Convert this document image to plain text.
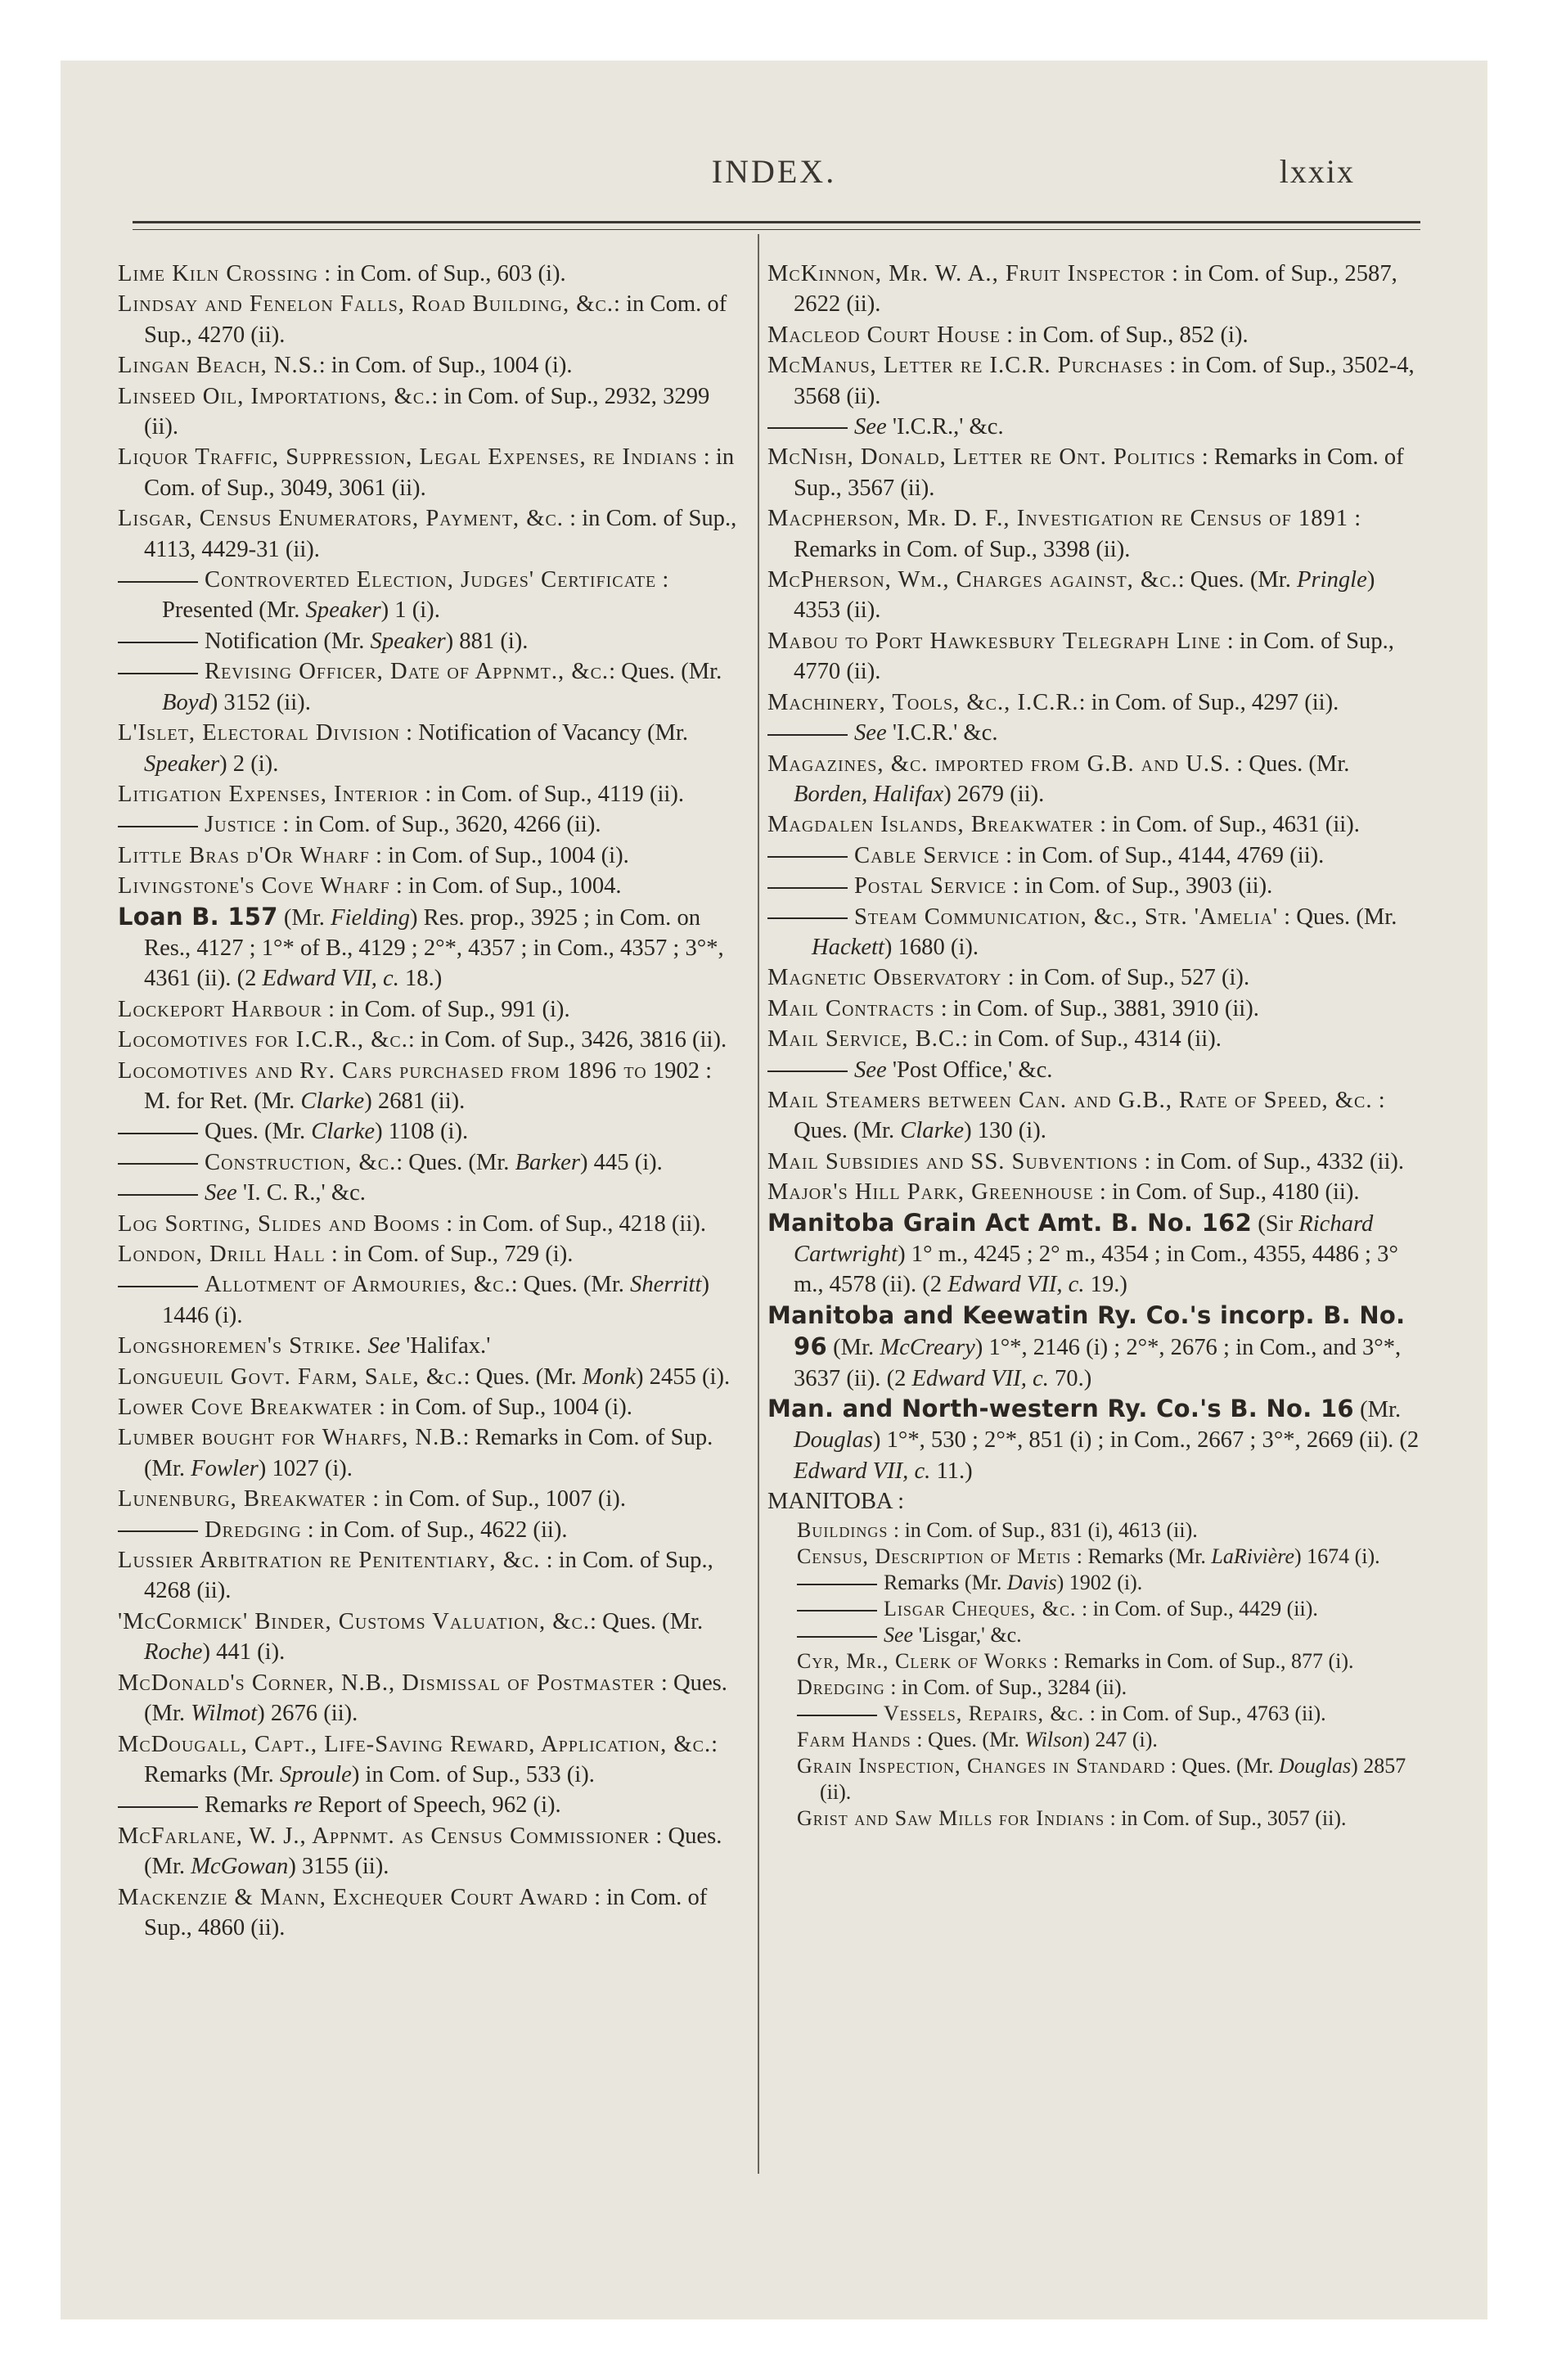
INDEX.	lxxix

Lime Kiln Crossing : in Com. of Sup., 603 (i).

Lindsay and Fenelon Falls, Road Building, &c.: in Com. of Sup., 4270 (ii).

Lingan Beach, N.S.: in Com. of Sup., 1004 (i).

Linseed Oil, Importations, &c.: in Com. of Sup., 2932, 3299 (ii).

Liquor Traffic, Suppression, Legal Expenses, re Indians : in Com. of Sup., 3049, 3061 (ii).

Lisgar, Census Enumerators, Payment, &c. : in Com. of Sup., 4113, 4429-31 (ii).

Controverted Election, Judges' Certificate : Presented (Mr. Speaker) 1 (i).

Notification (Mr. Speaker) 881 (i).

Revising Officer, Date of Appnmt., &c.: Ques. (Mr. Boyd) 3152 (ii).

L'Islet, Electoral Division : Notification of Vacancy (Mr. Speaker) 2 (i).

Litigation Expenses, Interior : in Com. of Sup., 4119 (ii).

Justice : in Com. of Sup., 3620, 4266 (ii).

Little Bras d'Or Wharf : in Com. of Sup., 1004 (i).

Livingstone's Cove Wharf : in Com. of Sup., 1004.

Loan B. 157 (Mr. Fielding) Res. prop., 3925 ; in Com. on Res., 4127 ; 1°* of B., 4129 ; 2°*, 4357 ; in Com., 4357 ; 3°*, 4361 (ii). (2 Edward VII, c. 18.)

Lockeport Harbour : in Com. of Sup., 991 (i).

Locomotives for I.C.R., &c.: in Com. of Sup., 3426, 3816 (ii).

Locomotives and Ry. Cars purchased from 1896 to 1902 : M. for Ret. (Mr. Clarke) 2681 (ii).

Ques. (Mr. Clarke) 1108 (i).

Construction, &c.: Ques. (Mr. Barker) 445 (i).

See 'I. C. R.,' &c.

Log Sorting, Slides and Booms : in Com. of Sup., 4218 (ii).

London, Drill Hall : in Com. of Sup., 729 (i).

Allotment of Armouries, &c.: Ques. (Mr. Sherritt) 1446 (i).

Longshoremen's Strike. See 'Halifax.'

Longueuil Govt. Farm, Sale, &c.: Ques. (Mr. Monk) 2455 (i).

Lower Cove Breakwater : in Com. of Sup., 1004 (i).

Lumber bought for Wharfs, N.B.: Remarks in Com. of Sup. (Mr. Fowler) 1027 (i).

Lunenburg, Breakwater : in Com. of Sup., 1007 (i).

Dredging : in Com. of Sup., 4622 (ii).

Lussier Arbitration re Penitentiary, &c. : in Com. of Sup., 4268 (ii).

'McCormick' Binder, Customs Valuation, &c.: Ques. (Mr. Roche) 441 (i).

McDonald's Corner, N.B., Dismissal of Postmaster : Ques. (Mr. Wilmot) 2676 (ii).

McDougall, Capt., Life-Saving Reward, Application, &c.: Remarks (Mr. Sproule) in Com. of Sup., 533 (i).

Remarks re Report of Speech, 962 (i).

McFarlane, W. J., Appnmt. as Census Commissioner : Ques. (Mr. McGowan) 3155 (ii).

Mackenzie & Mann, Exchequer Court Award : in Com. of Sup., 4860 (ii).

McKinnon, Mr. W. A., Fruit Inspector : in Com. of Sup., 2587, 2622 (ii).

Macleod Court House : in Com. of Sup., 852 (i).

McManus, Letter re I.C.R. Purchases : in Com. of Sup., 3502-4, 3568 (ii).

See 'I.C.R.,' &c.

McNish, Donald, Letter re Ont. Politics : Remarks in Com. of Sup., 3567 (ii).

Macpherson, Mr. D. F., Investigation re Census of 1891 : Remarks in Com. of Sup., 3398 (ii).

McPherson, Wm., Charges against, &c.: Ques. (Mr. Pringle) 4353 (ii).

Mabou to Port Hawkesbury Telegraph Line : in Com. of Sup., 4770 (ii).

Machinery, Tools, &c., I.C.R.: in Com. of Sup., 4297 (ii).

See 'I.C.R.' &c.

Magazines, &c. imported from G.B. and U.S. : Ques. (Mr. Borden, Halifax) 2679 (ii).

Magdalen Islands, Breakwater : in Com. of Sup., 4631 (ii).

Cable Service : in Com. of Sup., 4144, 4769 (ii).

Postal Service : in Com. of Sup., 3903 (ii).

Steam Communication, &c., Str. 'Amelia' : Ques. (Mr. Hackett) 1680 (i).

Magnetic Observatory : in Com. of Sup., 527 (i).

Mail Contracts : in Com. of Sup., 3881, 3910 (ii).

Mail Service, B.C.: in Com. of Sup., 4314 (ii).

See 'Post Office,' &c.

Mail Steamers between Can. and G.B., Rate of Speed, &c. : Ques. (Mr. Clarke) 130 (i).

Mail Subsidies and SS. Subventions : in Com. of Sup., 4332 (ii).

Major's Hill Park, Greenhouse : in Com. of Sup., 4180 (ii).

Manitoba Grain Act Amt. B. No. 162 (Sir Richard Cartwright) 1° m., 4245 ; 2° m., 4354 ; in Com., 4355, 4486 ; 3° m., 4578 (ii). (2 Edward VII, c. 19.)

Manitoba and Keewatin Ry. Co.'s incorp. B. No. 96 (Mr. McCreary) 1°*, 2146 (i) ; 2°*, 2676 ; in Com., and 3°*, 3637 (ii). (2 Edward VII, c. 70.)

Man. and North-western Ry. Co.'s B. No. 16 (Mr. Douglas) 1°*, 530 ; 2°*, 851 (i) ; in Com., 2667 ; 3°*, 2669 (ii). (2 Edward VII, c. 11.)

MANITOBA :

Buildings : in Com. of Sup., 831 (i), 4613 (ii).

Census, Description of Metis : Remarks (Mr. LaRivière) 1674 (i).

Remarks (Mr. Davis) 1902 (i).

Lisgar Cheques, &c. : in Com. of Sup., 4429 (ii).

See 'Lisgar,' &c.

Cyr, Mr., Clerk of Works : Remarks in Com. of Sup., 877 (i).

Dredging : in Com. of Sup., 3284 (ii).

Vessels, Repairs, &c. : in Com. of Sup., 4763 (ii).

Farm Hands : Ques. (Mr. Wilson) 247 (i).

Grain Inspection, Changes in Standard : Ques. (Mr. Douglas) 2857 (ii).

Grist and Saw Mills for Indians : in Com. of Sup., 3057 (ii).
